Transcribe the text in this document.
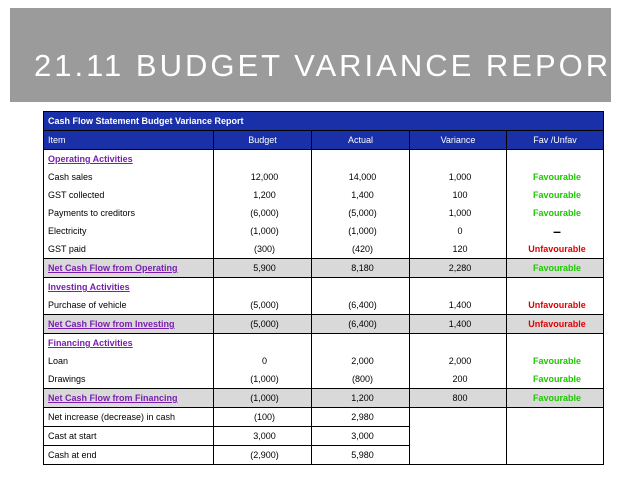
21.11 BUDGET VARIANCE REPORT
Cash Flow Statement Budget Variance Report				
Item	Budget	Actual	Variance	Fav /Unfav
Operating Activities				
Cash sales	12,000	14,000	1,000	Favourable
GST collected	1,200	1,400	100	Favourable
Payments to creditors	(6,000)	(5,000)	1,000	Favourable
Electricity	(1,000)	(1,000)	0	–
GST paid	(300)	(420)	120	Unfavourable
Net Cash Flow from Operating	5,900	8,180	2,280	Favourable
Investing Activities				
Purchase of vehicle	(5,000)	(6,400)	1,400	Unfavourable
Net Cash Flow from Investing	(5,000)	(6,400)	1,400	Unfavourable
Financing Activities				
Loan	0	2,000	2,000	Favourable
Drawings	(1,000)	(800)	200	Favourable
Net Cash Flow from Financing	(1,000)	1,200	800	Favourable
Net increase (decrease) in cash	(100)	2,980		
Cast at start	3,000	3,000		
Cash at end	(2,900)	5,980		
